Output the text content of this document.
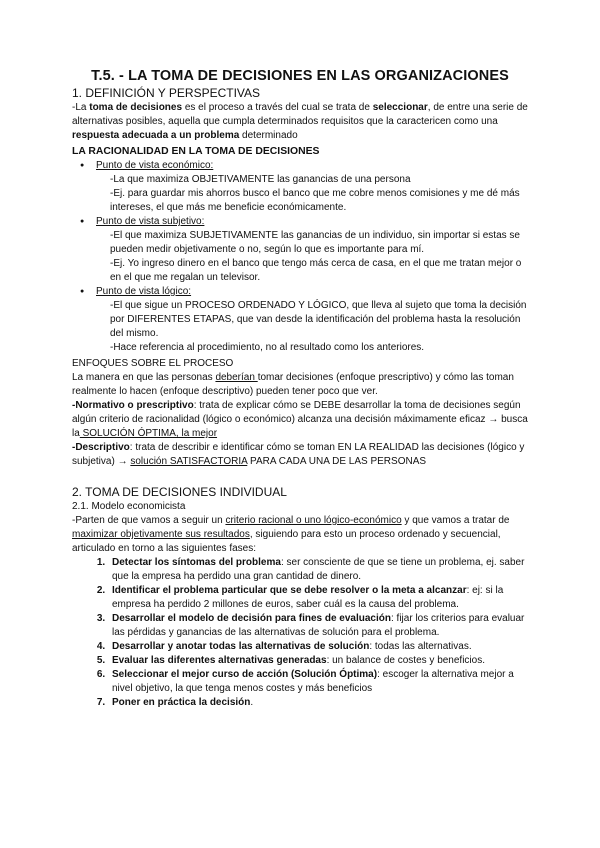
T.5. - LA TOMA DE DECISIONES EN LAS ORGANIZACIONES
1. DEFINICIÓN Y PERSPECTIVAS

-La toma de decisiones es el proceso a través del cual se trata de seleccionar, de entre una serie de alternativas posibles, aquella que cumpla determinados requisitos que la caractericen como una respuesta adecuada a un problema determinado

LA RACIONALIDAD EN LA TOMA DE DECISIONES
● Punto de vista económico:

-La que maximiza OBJETIVAMENTE las ganancias de una persona

-Ej. para guardar mis ahorros busco el banco que me cobre menos comisiones y me dé más intereses, el que más me beneficie económicamente.

● Punto de vista subjetivo:

-El que maximiza SUBJETIVAMENTE las ganancias de un individuo, sin importar si estas se pueden medir objetivamente o no, según lo que es importante para mí.

-Ej. Yo ingreso dinero en el banco que tengo más cerca de casa, en el que me tratan mejor o en el que me regalan un televisor.

● Punto de vista lógico:

-El que sigue un PROCESO ORDENADO Y LÓGICO, que lleva al sujeto que toma la decisión por DIFERENTES ETAPAS, que van desde la identificación del problema hasta la resolución del mismo.

-Hace referencia al procedimiento, no al resultado como los anteriores.

ENFOQUES SOBRE EL PROCESO

La manera en que las personas deberían tomar decisiones (enfoque prescriptivo) y cómo las toman realmente lo hacen (enfoque descriptivo) pueden tener poco que ver.

-Normativo o prescriptivo: trata de explicar cómo se DEBE desarrollar la toma de decisiones según algún criterio de racionalidad (lógico o económico) alcanza una decisión máximamente eficaz → busca la SOLUCIÓN ÓPTIMA, la mejor

-Descriptivo: trata de describir e identificar cómo se toman EN LA REALIDAD las decisiones (lógico y subjetiva) → solución SATISFACTORIA PARA CADA UNA DE LAS PERSONAS

2. TOMA DE DECISIONES INDIVIDUAL
2.1. Modelo economicista

-Parten de que vamos a seguir un criterio racional o uno lógico-económico y que vamos a tratar de maximizar objetivamente sus resultados, siguiendo para esto un proceso ordenado y secuencial, articulado en torno a las siguientes fases:

1. Detectar los síntomas del problema: ser consciente de que se tiene un problema, ej. saber que la empresa ha perdido una gran cantidad de dinero.
2. Identificar el problema particular que se debe resolver o la meta a alcanzar: ej: si la empresa ha perdido 2 millones de euros, saber cuál es la causa del problema.
3. Desarrollar el modelo de decisión para fines de evaluación: fijar los criterios para evaluar las pérdidas y ganancias de las alternativas de solución para el problema.
4. Desarrollar y anotar todas las alternativas de solución: todas las alternativas.
5. Evaluar las diferentes alternativas generadas: un balance de costes y beneficios.
6. Seleccionar el mejor curso de acción (Solución Óptima): escoger la alternativa mejor a nivel objetivo, la que tenga menos costes y más beneficios
7. Poner en práctica la decisión.
